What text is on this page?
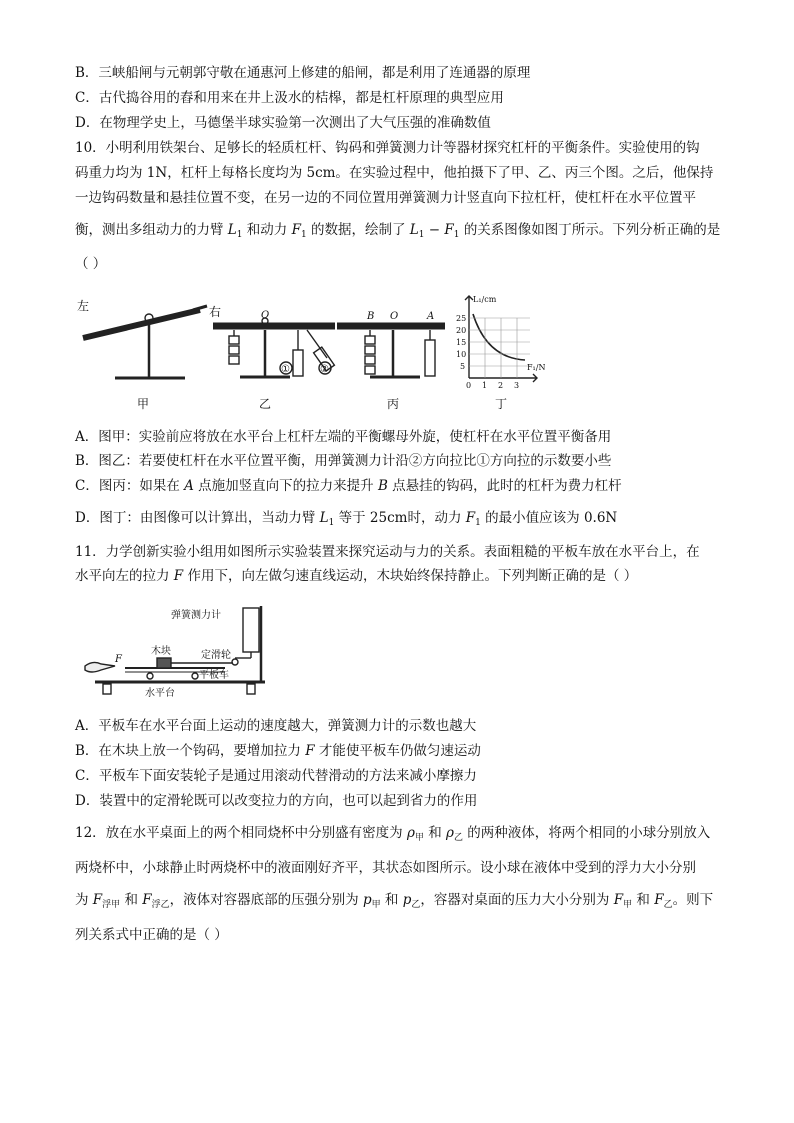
B．三峡船闸与元朝郭守敬在通惠河上修建的船闸，都是利用了连通器的原理
C．古代捣谷用的舂和用来在井上汲水的桔槔，都是杠杆原理的典型应用
D．在物理学史上，马德堡半球实验第一次测出了大气压强的准确数值
10．小明利用铁架台、足够长的轻质杠杆、钩码和弹簧测力计等器材探究杠杆的平衡条件。实验使用的钩
码重力均为 1N，杠杆上每格长度均为 5cm。在实验过程中，他拍摄下了甲、乙、丙三个图。之后，他保持
一边钩码数量和悬挂位置不变，在另一边的不同位置用弹簧测力计竖直向下拉杠杆，使杠杆在水平位置平
衡，测出多组动力的力臂 $L_1$ 和动力 $F_1$ 的数据，绘制了 $L_1 - F_1$ 的关系图像如图丁所示。下列分析正确的是
（ ）
左	右	O	B O	A
①	②
甲	乙	丙	丁
L₁/cm
F₁/N
25
20
15
10
5
0 1 2 3
A．图甲：实验前应将放在水平台上杠杆左端的平衡螺母外旋，使杠杆在水平位置平衡备用
B．图乙：若要使杠杆在水平位置平衡，用弹簧测力计沿②方向拉比①方向拉的示数要小些
C．图丙：如果在 A 点施加竖直向下的拉力来提升 B 点悬挂的钩码，此时的杠杆为费力杠杆
D．图丁：由图像可以计算出，当动力臂 $L_1$ 等于 25cm时，动力 $F_1$ 的最小值应该为 0.6N
11．力学创新实验小组用如图所示实验装置来探究运动与力的关系。表面粗糙的平板车放在水平台上，在
水平向左的拉力 F 作用下，向左做匀速直线运动，木块始终保持静止。下列判断正确的是（ ）
弹簧测力计
木块	定滑轮
平板车
水平台
F
A．平板车在水平台面上运动的速度越大，弹簧测力计的示数也越大
B．在木块上放一个钩码，要增加拉力 F 才能使平板车仍做匀速运动
C．平板车下面安装轮子是通过用滚动代替滑动的方法来减小摩擦力
D．装置中的定滑轮既可以改变拉力的方向，也可以起到省力的作用
12．放在水平桌面上的两个相同烧杯中分别盛有密度为 $\rho_甲$ 和 $\rho_乙$ 的两种液体，将两个相同的小球分别放入
两烧杯中，小球静止时两烧杯中的液面刚好齐平，其状态如图所示。设小球在液体中受到的浮力大小分别
为 $F_{浮甲}$ 和 $F_{浮乙}$，液体对容器底部的压强分别为 $p_甲$ 和 $p_乙$，容器对桌面的压力大小分别为 $F_甲$ 和 $F_乙$。则下
列关系式中正确的是（ ）
